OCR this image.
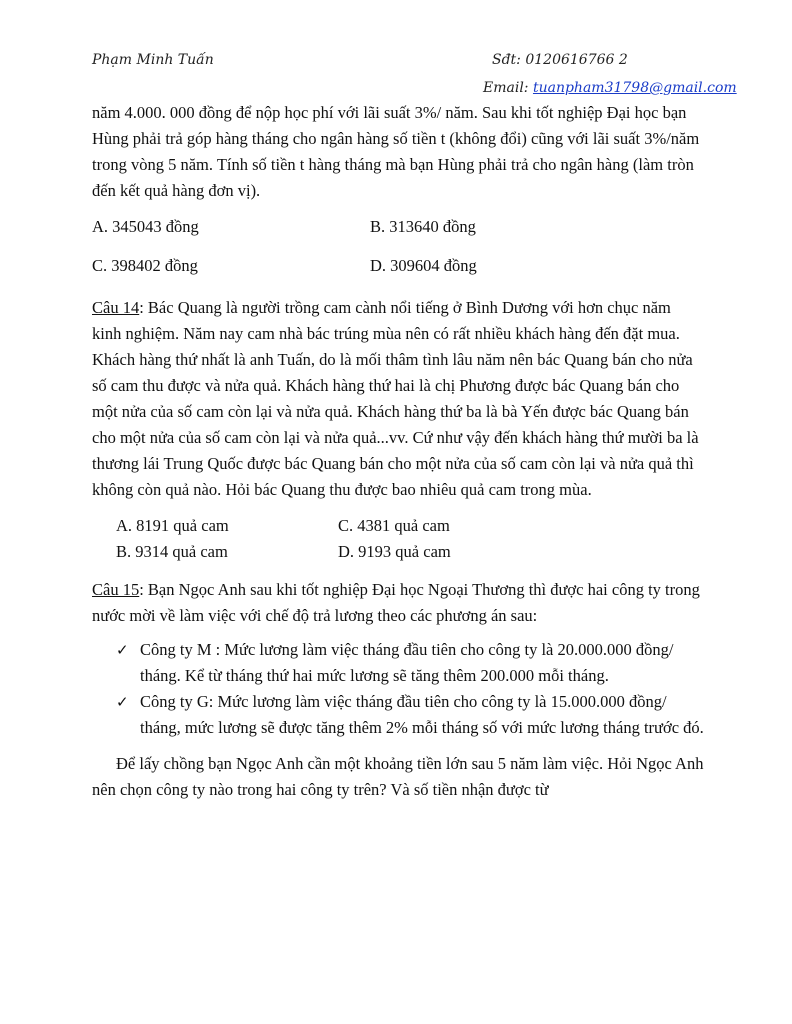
Phạm Minh Tuấn	Sđt: 0120616766 2
Email: tuanpham31798@gmail.com

năm 4.000. 000 đồng để nộp học phí với lãi suất 3%/ năm. Sau khi tốt nghiệp Đại học bạn Hùng phải trả góp hàng tháng cho ngân hàng số tiền t (không đổi) cũng với lãi suất 3%/năm trong vòng 5 năm. Tính số tiền t hàng tháng mà bạn Hùng phải trả cho ngân hàng (làm tròn đến kết quả hàng đơn vị).

A. 345043 đồng	B. 313640 đồng
C. 398402 đồng	D. 309604 đồng

Câu 14: Bác Quang là người trồng cam cành nổi tiếng ở Bình Dương với hơn chục năm kinh nghiệm. Năm nay cam nhà bác trúng mùa nên có rất nhiều khách hàng đến đặt mua. Khách hàng thứ nhất là anh Tuấn, do là mối thâm tình lâu năm nên bác Quang bán cho nửa số cam thu được và nửa quả. Khách hàng thứ hai là chị Phương được bác Quang bán cho một nửa của số cam còn lại và nửa quả. Khách hàng thứ ba là bà Yến được bác Quang bán cho một nửa của số cam còn lại và nửa quả...vv. Cứ như vậy đến khách hàng thứ mười ba là thương lái Trung Quốc được bác Quang bán cho một nửa của số cam còn lại và nửa quả thì không còn quả nào. Hỏi bác Quang thu được bao nhiêu quả cam trong mùa.

A. 8191 quả cam	C. 4381 quả cam
B. 9314 quả cam	D. 9193 quả cam

Câu 15: Bạn Ngọc Anh sau khi tốt nghiệp Đại học Ngoại Thương thì được hai công ty trong nước mời về làm việc với chế độ trả lương theo các phương án sau:

✓ Công ty M : Mức lương làm việc tháng đầu tiên cho công ty là 20.000.000 đồng/ tháng. Kể từ tháng thứ hai mức lương sẽ tăng thêm 200.000 mỗi tháng.
✓ Công ty G: Mức lương làm việc tháng đầu tiên cho công ty là 15.000.000 đồng/ tháng, mức lương sẽ được tăng thêm 2% mỗi tháng số với mức lương tháng trước đó.

Để lấy chồng bạn Ngọc Anh cần một khoảng tiền lớn sau 5 năm làm việc. Hỏi Ngọc Anh nên chọn công ty nào trong hai công ty trên? Và số tiền nhận được từ
